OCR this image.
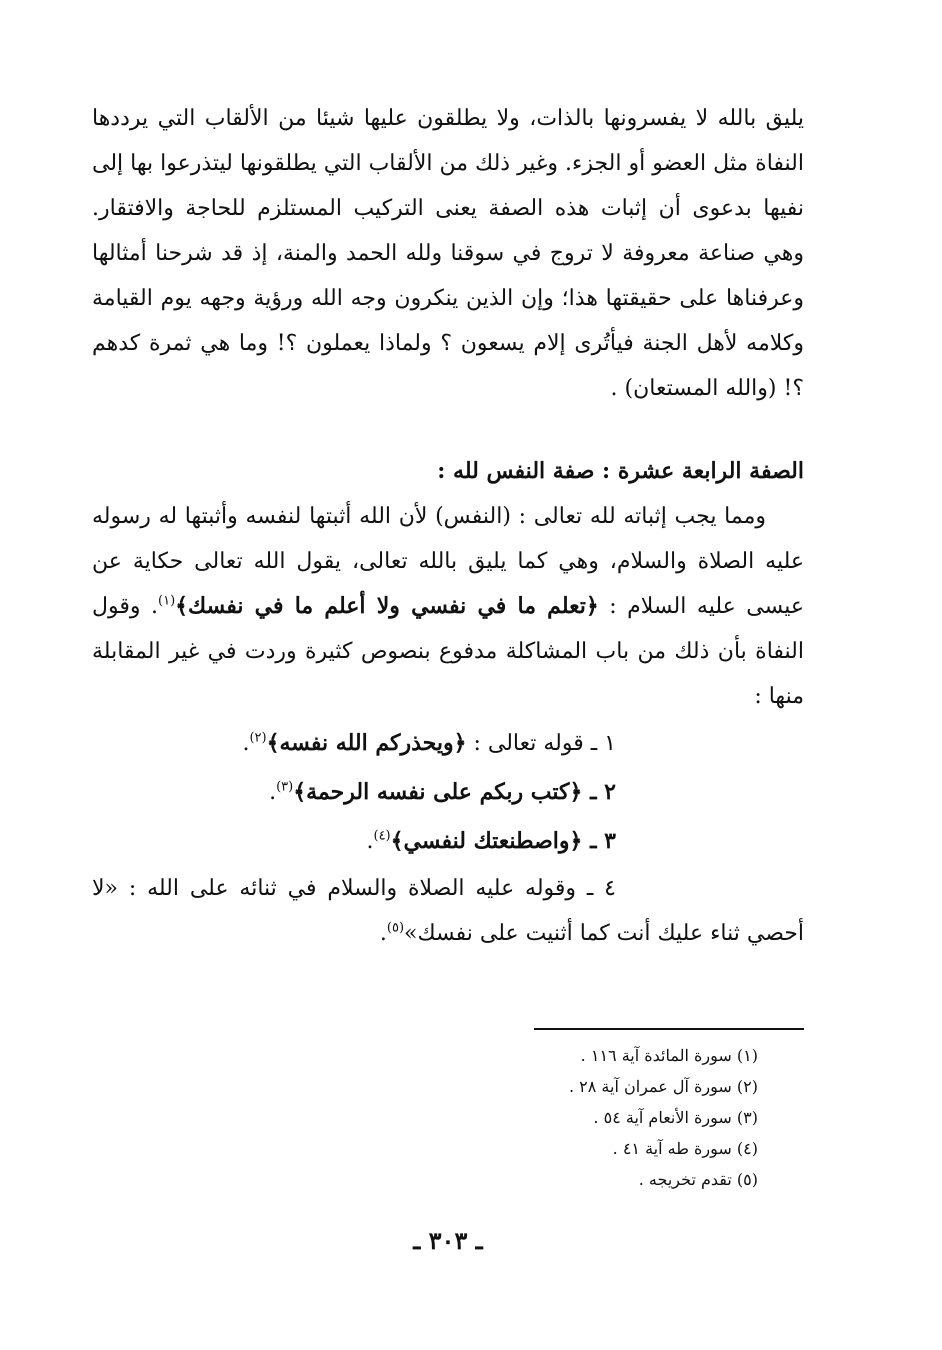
يليق بالله لا يفسرونها بالذات، ولا يطلقون عليها شيئا من الألقاب التي يرددها النفاة مثل العضو أو الجزء. وغير ذلك من الألقاب التي يطلقونها ليتذرعوا بها إلى نفيها بدعوى أن إثبات هذه الصفة يعنى التركيب المستلزم للحاجة والافتقار. وهي صناعة معروفة لا تروج في سوقنا ولله الحمد والمنة، إذ قد شرحنا أمثالها وعرفناها على حقيقتها هذا؛ وإن الذين ينكرون وجه الله ورؤية وجهه يوم القيامة وكلامه لأهل الجنة فيأتُرى إلام يسعون ؟ ولماذا يعملون ؟! وما هي ثمرة كدهم ؟! (والله المستعان) .

الصفة الرابعة عشرة : صفة النفس لله :

ومما يجب إثباته لله تعالى : (النفس) لأن الله أثبتها لنفسه وأثبتها له رسوله عليه الصلاة والسلام، وهي كما يليق بالله تعالى، يقول الله تعالى حكاية عن عيسى عليه السلام : ﴿تعلم ما في نفسي ولا أعلم ما في نفسك﴾$^{(١)}$. وقول النفاة بأن ذلك من باب المشاكلة مدفوع بنصوص كثيرة وردت في غير المقابلة منها :

١ ـ قوله تعالى : ﴿ويحذركم الله نفسه﴾$^{(٢)}$.
٢ ـ ﴿كتب ربكم على نفسه الرحمة﴾$^{(٣)}$.
٣ ـ ﴿واصطنعتك لنفسي﴾$^{(٤)}$.

٤ ـ وقوله عليه الصلاة والسلام في ثنائه على الله : «لا أحصي ثناء عليك أنت كما أثنيت على نفسك»$^{(٥)}$.

(١) سورة المائدة آية ١١٦ .
(٢) سورة آل عمران آية ٢٨ .
(٣) سورة الأنعام آية ٥٤ .
(٤) سورة طه آية ٤١ .
(٥) تقدم تخريجه .
ـ ٣٠٣ ـ
